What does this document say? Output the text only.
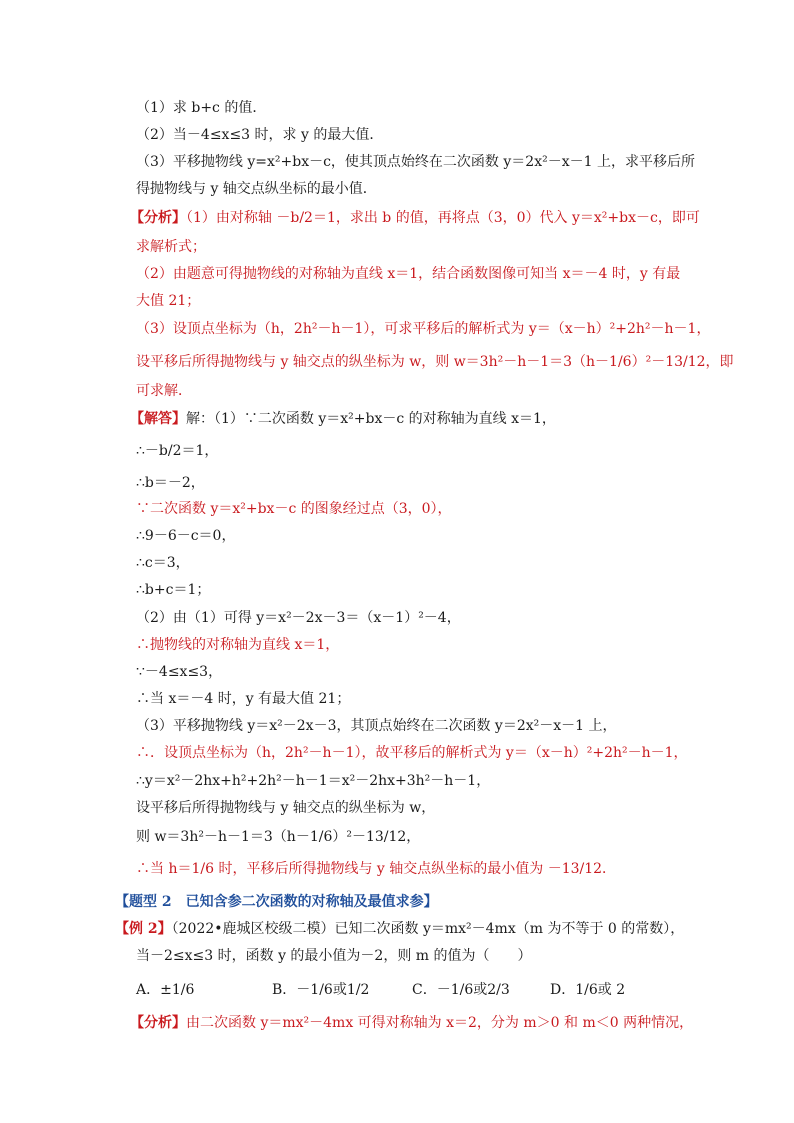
（1）求 b+c 的值．
（2）当－4≤x≤3 时，求 y 的最大值．
（3）平移抛物线 y=x²+bx－c，使其顶点始终在二次函数 y＝2x²－x－1 上，求平移后所
得抛物线与 y 轴交点纵坐标的最小值．
【分析】（1）由对称轴 －b/2＝1，求出 b 的值，再将点（3，0）代入 y＝x²+bx－c，即可
求解析式；
（2）由题意可得抛物线的对称轴为直线 x＝1，结合函数图像可知当 x＝－4 时，y 有最
大值 21；
（3）设顶点坐标为（h，2h²－h－1），可求平移后的解析式为 y＝（x－h）²+2h²－h－1，
设平移后所得抛物线与 y 轴交点的纵坐标为 w，则 w＝3h²－h－1＝3（h－1/6）²－13/12，即
可求解．
【解答】解：（1）∵二次函数 y＝x²+bx－c 的对称轴为直线 x＝1，
∴－b/2＝1，
∴b＝－2，
∵二次函数 y＝x²+bx－c 的图象经过点（3，0），
∴9－6－c＝0，
∴c＝3，
∴b+c＝1；
（2）由（1）可得 y＝x²－2x－3＝（x－1）²－4，
∴抛物线的对称轴为直线 x＝1，
∵－4≤x≤3，
∴当 x＝－4 时，y 有最大值 21；
（3）平移抛物线 y＝x²－2x－3，其顶点始终在二次函数 y＝2x²－x－1 上，
∴．设顶点坐标为（h，2h²－h－1），故平移后的解析式为 y＝（x－h）²+2h²－h－1，
∴y＝x²－2hx+h²+2h²－h－1＝x²－2hx+3h²－h－1，
设平移后所得抛物线与 y 轴交点的纵坐标为 w，
则 w＝3h²－h－1＝3（h－1/6）²－13/12，
∴当 h＝1/6 时，平移后所得抛物线与 y 轴交点纵坐标的最小值为 －13/12．
【题型 2　已知含参二次函数的对称轴及最值求参】
【例 2】（2022•鹿城区校级二模）已知二次函数 y＝mx²－4mx（m 为不等于 0 的常数），
当－2≤x≤3 时，函数 y 的最小值为－2，则 m 的值为（　　）
【分析】由二次函数 y＝mx²－4mx 可得对称轴为 x＝2，分为 m＞0 和 m＜0 两种情况，
A．±1/6	B．－1/6或1/2	C．－1/6或2/3	D．1/6或 2
